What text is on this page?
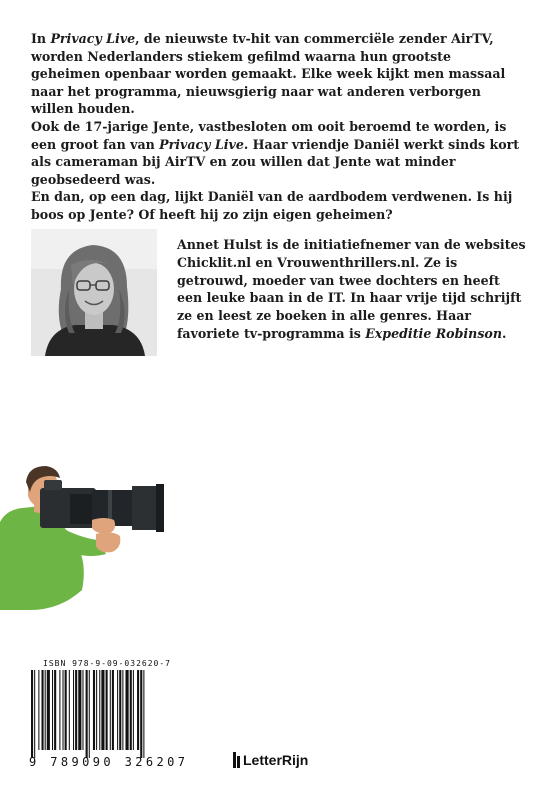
In Privacy Live, de nieuwste tv-hit van commerciële zender AirTV, worden Nederlanders stiekem gefilmd waarna hun grootste geheimen openbaar worden gemaakt. Elke week kijkt men massaal naar het programma, nieuwsgierig naar wat anderen verborgen willen houden.

Ook de 17-jarige Jente, vastbesloten om ooit beroemd te worden, is een groot fan van Privacy Live. Haar vriendje Daniël werkt sinds kort als cameraman bij AirTV en zou willen dat Jente wat minder geobsedeerd was.

En dan, op een dag, lijkt Daniël van de aardbodem verdwenen. Is hij boos op Jente? Of heeft hij zo zijn eigen geheimen?

Annet Hulst is de initiatiefnemer van de websites Chicklit.nl en Vrouwenthrillers.nl. Ze is getrouwd, moeder van twee dochters en heeft een leuke baan in de IT. In haar vrije tijd schrijft ze en leest ze boeken in alle genres. Haar favoriete tv-programma is Expeditie Robinson.
ISBN 978-9-09-032620-7
9 789090 326207	LetterRijn
